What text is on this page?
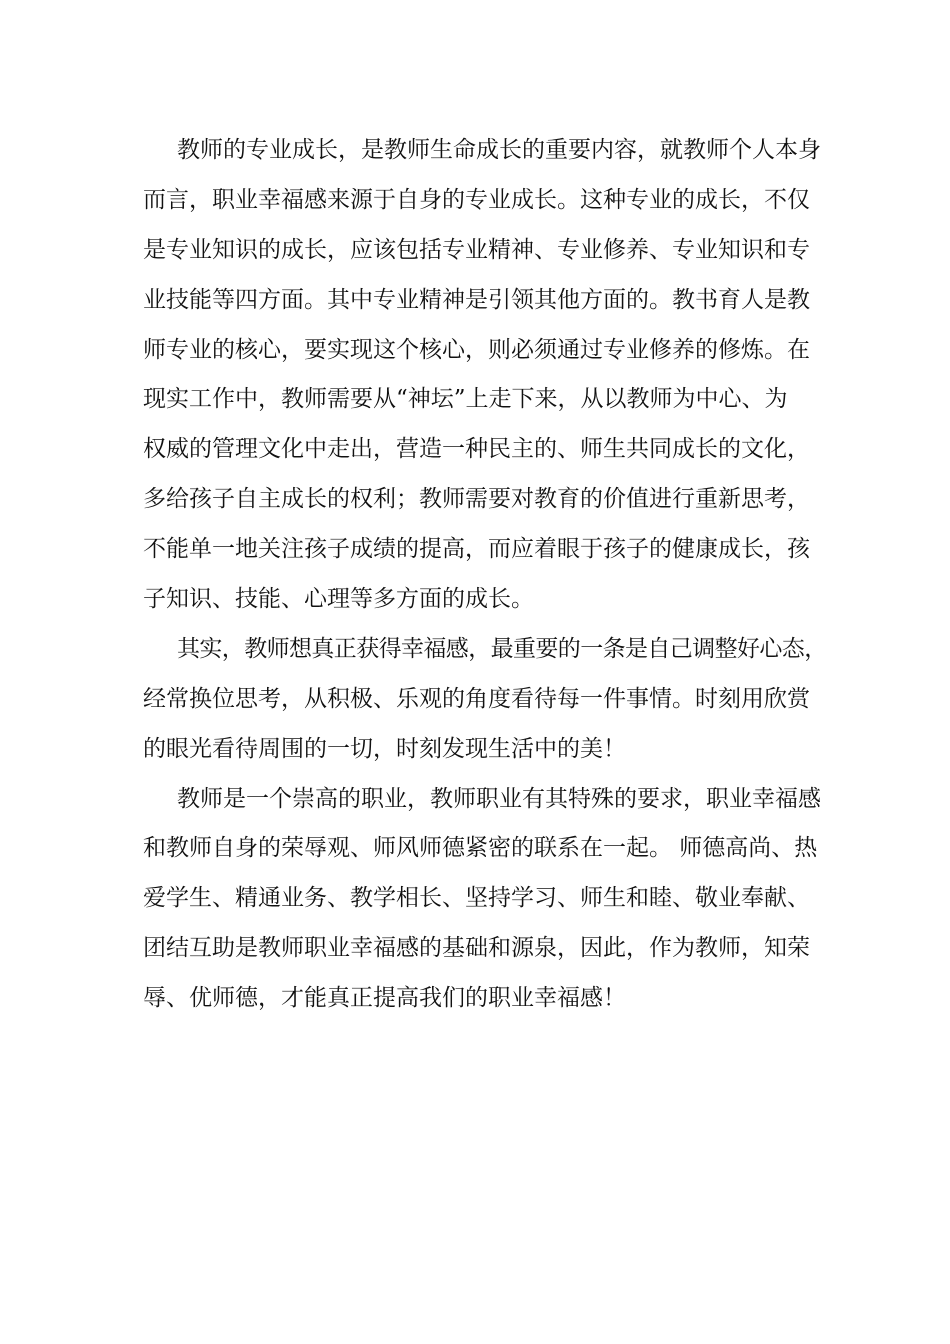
教师的专业成长，是教师生命成长的重要内容，就教师个人本身
而言，职业幸福感来源于自身的专业成长。这种专业的成长，不仅
是专业知识的成长，应该包括专业精神、专业修养、专业知识和专
业技能等四方面。其中专业精神是引领其他方面的。教书育人是教
师专业的核心，要实现这个核心，则必须通过专业修养的修炼。在
现实工作中，教师需要从“神坛”上走下来，从以教师为中心、为
权威的管理文化中走出，营造一种民主的、师生共同成长的文化，
多给孩子自主成长的权利；教师需要对教育的价值进行重新思考，
不能单一地关注孩子成绩的提高，而应着眼于孩子的健康成长，孩
子知识、技能、心理等多方面的成长。
其实，教师想真正获得幸福感，最重要的一条是自己调整好心态，
经常换位思考，从积极、乐观的角度看待每一件事情。时刻用欣赏
的眼光看待周围的一切，时刻发现生活中的美！
教师是一个崇高的职业，教师职业有其特殊的要求，职业幸福感
和教师自身的荣辱观、师风师德紧密的联系在一起。 师德高尚、热
爱学生、精通业务、教学相长、坚持学习、师生和睦、敬业奉献、
团结互助是教师职业幸福感的基础和源泉，因此，作为教师，知荣
辱、优师德，才能真正提高我们的职业幸福感！
